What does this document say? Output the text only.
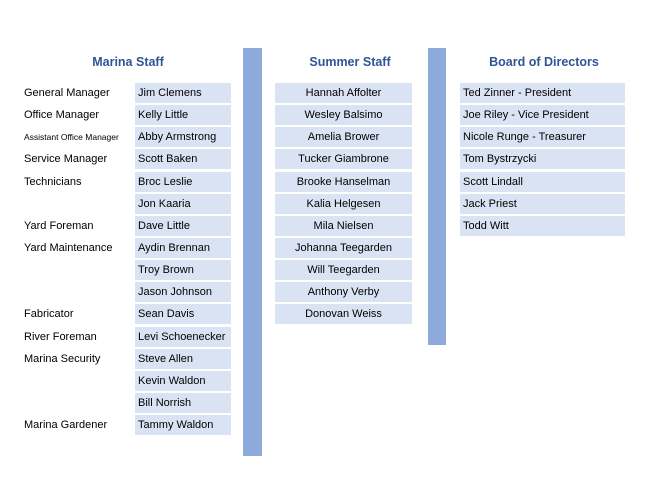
Marina Staff	Summer Staff	Board of Directors
General Manager
Office Manager
Assistant Office Manager
Service Manager
Technicians
Yard Foreman
Yard Maintenance
Fabricator
River Foreman
Marina Security
Marina Gardener
Jim Clemens
Kelly Little
Abby Armstrong
Scott Baken
Broc Leslie
Jon Kaaria
Dave Little
Aydin Brennan
Troy Brown
Jason Johnson
Sean Davis
Levi Schoenecker
Steve Allen
Kevin Waldon
Bill Norrish
Tammy Waldon
Hannah Affolter
Wesley Balsimo
Amelia Brower
Tucker Giambrone
Brooke Hanselman
Kalia Helgesen
Mila Nielsen
Johanna Teegarden
Will Teegarden
Anthony Verby
Donovan Weiss
Ted Zinner - President
Joe Riley - Vice President
Nicole Runge - Treasurer
Tom Bystrzycki
Scott Lindall
Jack Priest
Todd Witt
